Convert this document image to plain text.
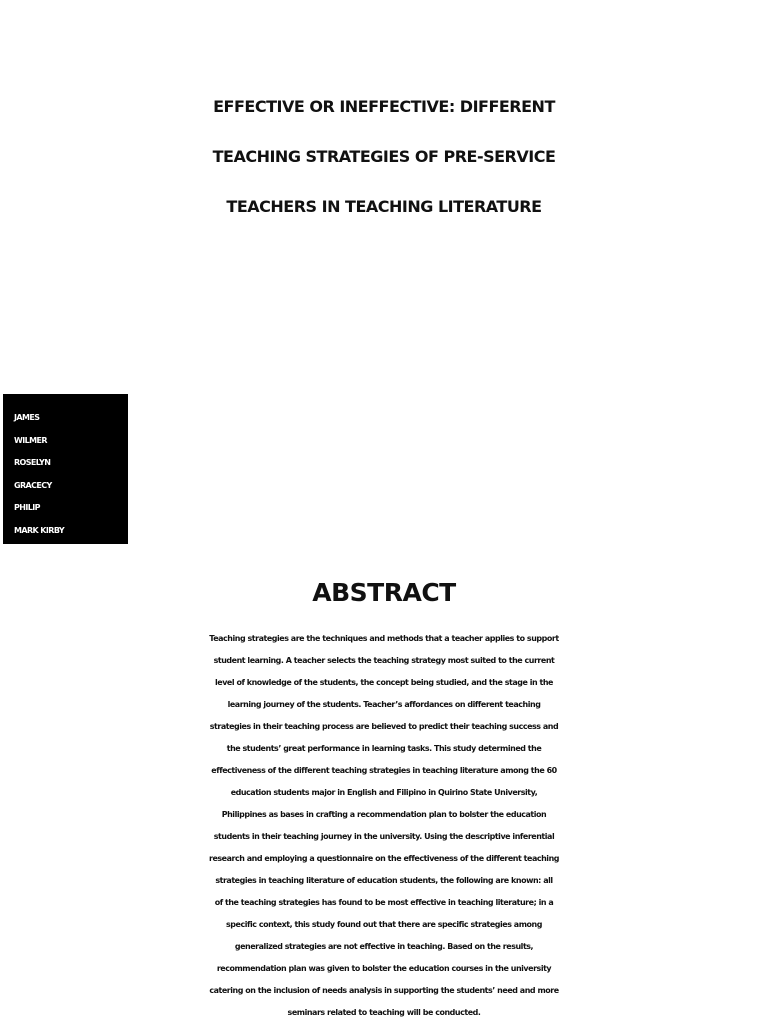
EFFECTIVE OR INEFFECTIVE: DIFFERENT
TEACHING STRATEGIES OF PRE-SERVICE
TEACHERS IN TEACHING LITERATURE
JAMES
WILMER
ROSELYN
GRACECY
PHILIP
MARK KIRBY
ABSTRACT

Teaching strategies are the techniques and methods that a teacher applies to support
student learning. A teacher selects the teaching strategy most suited to the current
level of knowledge of the students, the concept being studied, and the stage in the
learning journey of the students. Teacher’s affordances on different teaching
strategies in their teaching process are believed to predict their teaching success and
the students’ great performance in learning tasks. This study determined the
effectiveness of the different teaching strategies in teaching literature among the 60
education students major in English and Filipino in Quirino State University,
Philippines as bases in crafting a recommendation plan to bolster the education
students in their teaching journey in the university. Using the descriptive inferential
research and employing a questionnaire on the effectiveness of the different teaching
strategies in teaching literature of education students, the following are known: all
of the teaching strategies has found to be most effective in teaching literature; in a
specific context, this study found out that there are specific strategies among
generalized strategies are not effective in teaching. Based on the results,
recommendation plan was given to bolster the education courses in the university
catering on the inclusion of needs analysis in supporting the students’ need and more
seminars related to teaching will be conducted.
